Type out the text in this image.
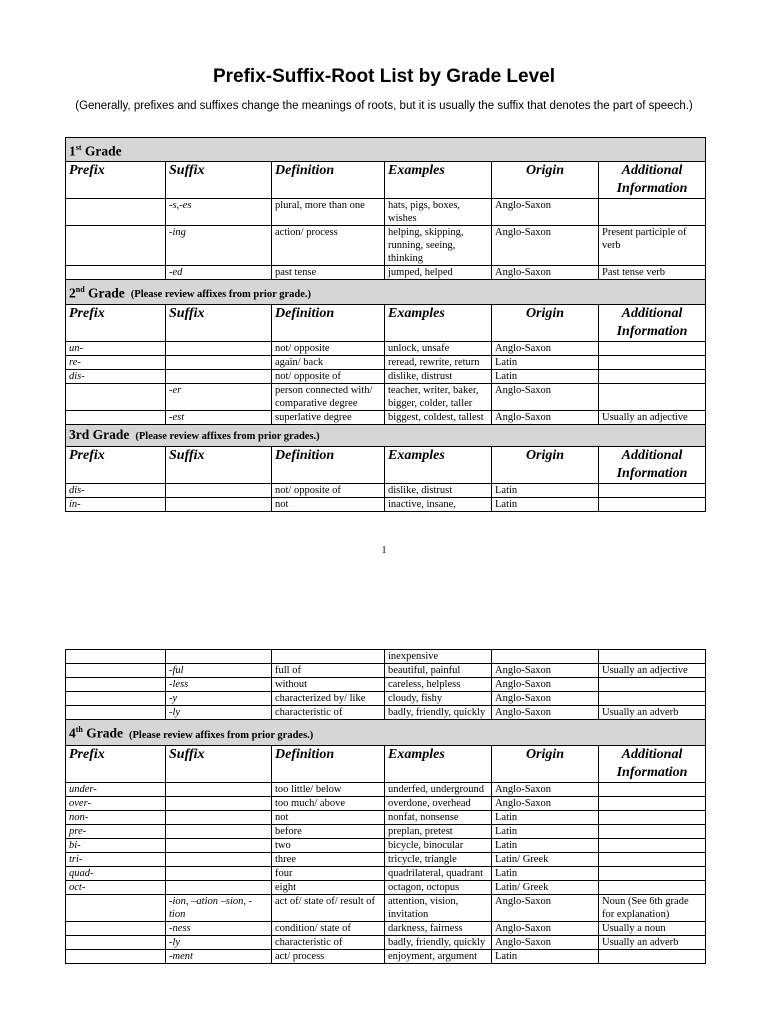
Prefix-Suffix-Root List by Grade Level
(Generally, prefixes and suffixes change the meanings of roots, but it is usually the suffix that denotes the part of speech.)
1st Grade					
Prefix	Suffix	Definition	Examples	Origin	Additional Information
	-s,-es	plural, more than one	hats, pigs, boxes, wishes	Anglo-Saxon	
	-ing	action/ process	helping, skipping, running, seeing, thinking	Anglo-Saxon	Present participle of verb
	-ed	past tense	jumped, helped	Anglo-Saxon	Past tense verb
2nd Grade (Please review affixes from prior grade.)					
Prefix	Suffix	Definition	Examples	Origin	Additional Information
un-		not/ opposite	unlock, unsafe	Anglo-Saxon	
re-		again/ back	reread, rewrite, return	Latin	
dis-		not/ opposite of	dislike, distrust	Latin	
	-er	person connected with/ comparative degree	teacher, writer, baker, bigger, colder, taller	Anglo-Saxon	
	-est	superlative degree	biggest, coldest, tallest	Anglo-Saxon	Usually an adjective
3rd Grade (Please review affixes from prior grades.)					
Prefix	Suffix	Definition	Examples	Origin	Additional Information
dis-		not/ opposite of	dislike, distrust	Latin	
in-		not	inactive, insane,	Latin	
1
			inexpensive		
	-ful	full of	beautiful, painful	Anglo-Saxon	Usually an adjective
	-less	without	careless, helpless	Anglo-Saxon	
	-y	characterized by/ like	cloudy, fishy	Anglo-Saxon	
	-ly	characteristic of	badly, friendly, quickly	Anglo-Saxon	Usually an adverb
4th Grade (Please review affixes from prior grades.)					
Prefix	Suffix	Definition	Examples	Origin	Additional Information
under-		too little/ below	underfed, underground	Anglo-Saxon	
over-		too much/ above	overdone, overhead	Anglo-Saxon	
non-		not	nonfat, nonsense	Latin	
pre-		before	preplan, pretest	Latin	
bi-		two	bicycle, binocular	Latin	
tri-		three	tricycle, triangle	Latin/ Greek	
quad-		four	quadrilateral, quadrant	Latin	
oct-		eight	octagon, octopus	Latin/ Greek	
	-ion, –ation –sion, -tion	act of/ state of/ result of	attention, vision, invitation	Anglo-Saxon	Noun (See 6th grade for explanation)
	-ness	condition/ state of	darkness, fairness	Anglo-Saxon	Usually a noun
	-ly	characteristic of	badly, friendly, quickly	Anglo-Saxon	Usually an adverb
	-ment	act/ process	enjoyment, argument	Latin	
